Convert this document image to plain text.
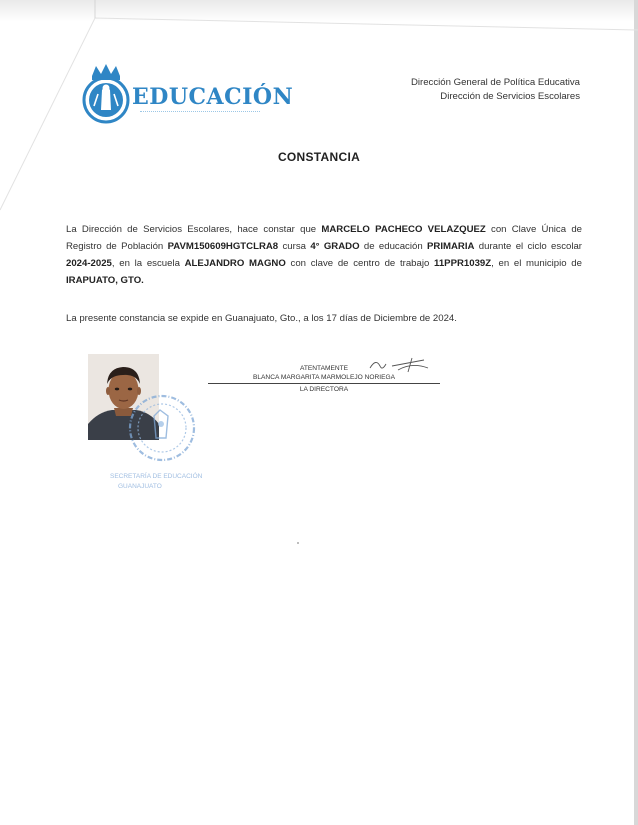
EDUCACIÓN
Dirección General de Política Educativa
Dirección de Servicios Escolares
CONSTANCIA
La Dirección de Servicios Escolares, hace constar que MARCELO PACHECO VELAZQUEZ con Clave Única de Registro de Población PAVM150609HGTCLRA8 cursa 4° GRADO de educación PRIMARIA durante el ciclo escolar 2024-2025, en la escuela ALEJANDRO MAGNO con clave de centro de trabajo 11PPR1039Z, en el municipio de IRAPUATO, GTO.
La presente constancia se expide en Guanajuato, Gto., a los 17 días de Diciembre de 2024.
SECRETARÍA DE EDUCACIÓN
GUANAJUATO
ATENTAMENTE
BLANCA MARGARITA MARMOLEJO NORIEGA
LA DIRECTORA
